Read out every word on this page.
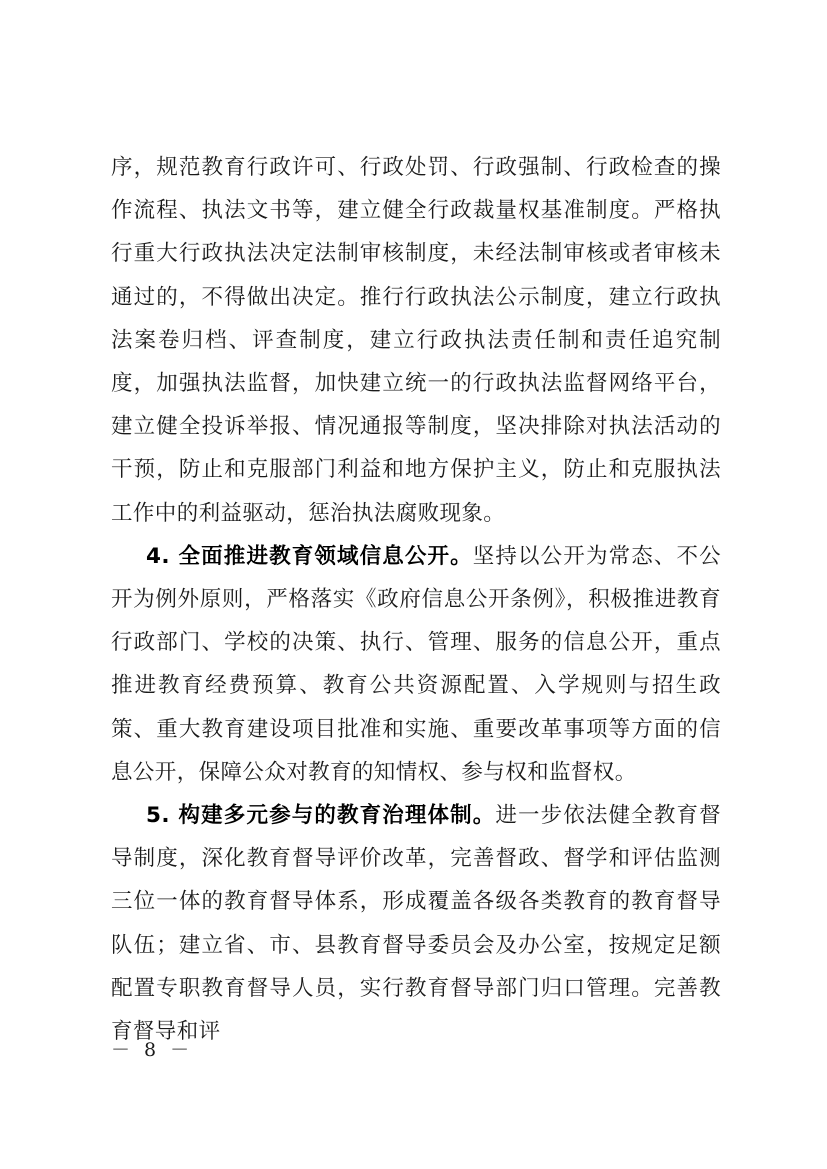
序，规范教育行政许可、行政处罚、行政强制、行政检查的操作流程、执法文书等，建立健全行政裁量权基准制度。严格执行重大行政执法决定法制审核制度，未经法制审核或者审核未通过的，不得做出决定。推行行政执法公示制度，建立行政执法案卷归档、评查制度，建立行政执法责任制和责任追究制度，加强执法监督，加快建立统一的行政执法监督网络平台，建立健全投诉举报、情况通报等制度，坚决排除对执法活动的干预，防止和克服部门利益和地方保护主义，防止和克服执法工作中的利益驱动，惩治执法腐败现象。

4. 全面推进教育领域信息公开。坚持以公开为常态、不公开为例外原则，严格落实《政府信息公开条例》，积极推进教育行政部门、学校的决策、执行、管理、服务的信息公开，重点推进教育经费预算、教育公共资源配置、入学规则与招生政策、重大教育建设项目批准和实施、重要改革事项等方面的信息公开，保障公众对教育的知情权、参与权和监督权。

5. 构建多元参与的教育治理体制。进一步依法健全教育督导制度，深化教育督导评价改革，完善督政、督学和评估监测三位一体的教育督导体系，形成覆盖各级各类教育的教育督导队伍；建立省、市、县教育督导委员会及办公室，按规定足额配置专职教育督导人员，实行教育督导部门归口管理。完善教育督导和评

－ 8 －
